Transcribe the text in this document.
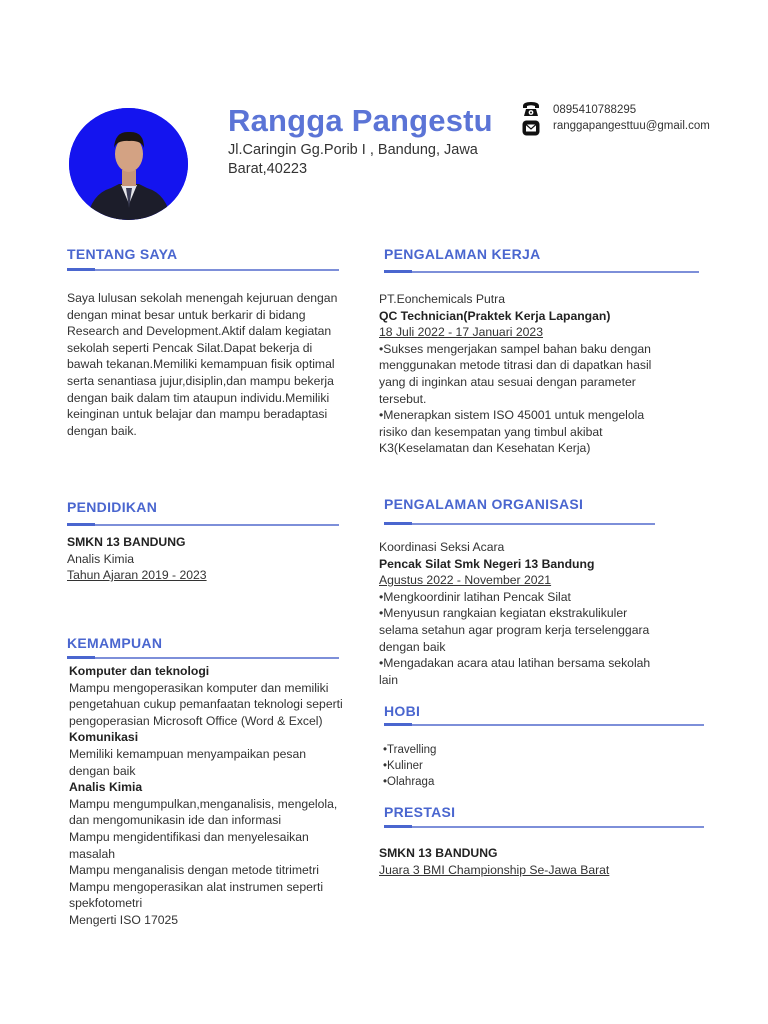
Rangga Pangestu
Jl.Caringin Gg.Porib I , Bandung, Jawa Barat,40223
0895410788295
ranggapangesttuu@gmail.com
TENTANG SAYA
Saya lulusan sekolah menengah kejuruan dengan dengan minat besar untuk berkarir di bidang Research and Development.Aktif dalam kegiatan sekolah seperti Pencak Silat.Dapat bekerja di bawah tekanan.Memiliki kemampuan fisik optimal serta senantiasa jujur,disiplin,dan mampu bekerja dengan baik dalam tim ataupun individu.Memiliki keinginan untuk belajar dan mampu beradaptasi dengan baik.
PENDIDIKAN
SMKN 13 BANDUNG
Analis Kimia
Tahun Ajaran 2019 - 2023
KEMAMPUAN
Komputer dan teknologi
Mampu mengoperasikan komputer dan memiliki pengetahuan cukup pemanfaatan teknologi seperti pengoperasian Microsoft Office (Word & Excel)
Komunikasi
Memiliki kemampuan menyampaikan pesan dengan baik
Analis Kimia
Mampu mengumpulkan,menganalisis, mengelola, dan mengomunikasin ide dan informasi
Mampu mengidentifikasi dan menyelesaikan masalah
Mampu menganalisis dengan metode titrimetri
Mampu mengoperasikan alat instrumen seperti spekfotometri
Mengerti ISO 17025
PENGALAMAN KERJA
PT.Eonchemicals Putra
QC Technician(Praktek Kerja Lapangan)
18 Juli 2022 - 17 Januari 2023
•Sukses mengerjakan sampel bahan baku dengan menggunakan metode titrasi dan di dapatkan hasil yang di inginkan atau sesuai dengan parameter tersebut.
•Menerapkan sistem ISO 45001 untuk mengelola risiko dan kesempatan yang timbul akibat K3(Keselamatan dan Kesehatan Kerja)
PENGALAMAN ORGANISASI
Koordinasi Seksi Acara
Pencak Silat Smk Negeri 13 Bandung
Agustus 2022 - November 2021
•Mengkoordinir latihan Pencak Silat
•Menyusun rangkaian kegiatan ekstrakulikuler selama setahun agar program kerja terselenggara dengan baik
•Mengadakan acara atau latihan bersama sekolah lain
HOBI
•Travelling
•Kuliner
•Olahraga
PRESTASI
SMKN 13 BANDUNG
Juara 3 BMI Championship Se-Jawa Barat
